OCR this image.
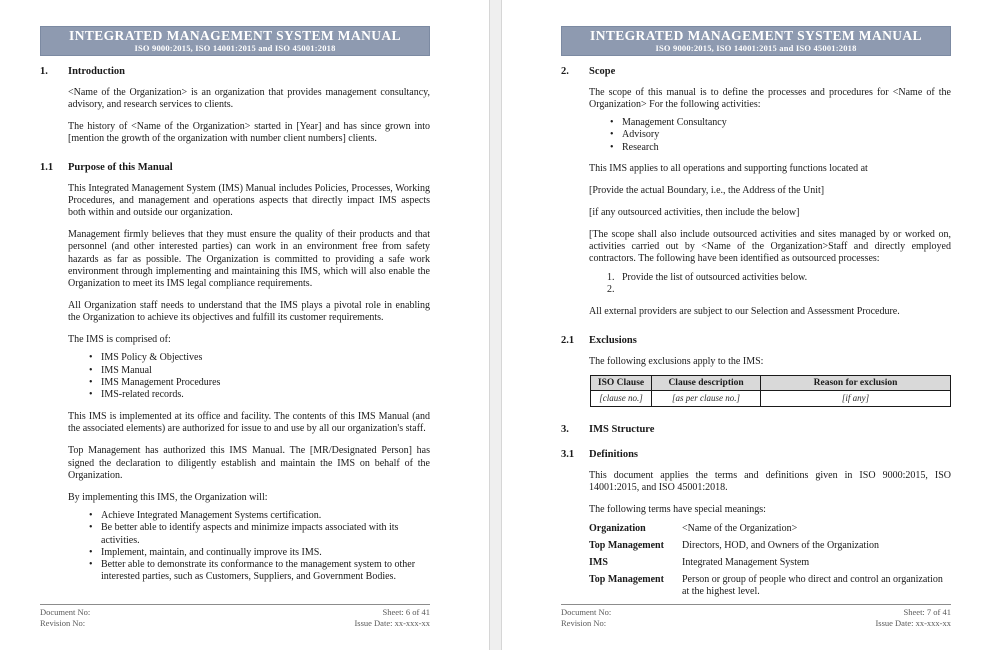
INTEGRATED MANAGEMENT SYSTEM MANUAL
ISO 9000:2015, ISO 14001:2015 and ISO 45001:2018
1.	Introduction
<Name of the Organization> is an organization that provides management consultancy, advisory, and research services to clients.
The history of <Name of the Organization> started in [Year] and has since grown into [mention the growth of the organization with number client numbers] clients.
1.1	Purpose of this Manual
This Integrated Management System (IMS) Manual includes Policies, Processes, Working Procedures, and management and operations aspects that directly impact IMS aspects both within and outside our organization.
Management firmly believes that they must ensure the quality of their products and that personnel (and other interested parties) can work in an environment free from safety hazards as far as possible. The Organization is committed to providing a safe work environment through implementing and maintaining this IMS, which will also enable the Organization to meet its IMS legal compliance requirements.
All Organization staff needs to understand that the IMS plays a pivotal role in enabling the Organization to achieve its objectives and fulfill its customer requirements.
The IMS is comprised of:
• IMS Policy & Objectives
• IMS Manual
• IMS Management Procedures
• IMS-related records.
This IMS is implemented at its office and facility. The contents of this IMS Manual (and the associated elements) are authorized for issue to and use by all our organization's staff.
Top Management has authorized this IMS Manual. The [MR/Designated Person] has signed the declaration to diligently establish and maintain the IMS on behalf of the Organization.
By implementing this IMS, the Organization will:
• Achieve Integrated Management Systems certification.
• Be better able to identify aspects and minimize impacts associated with its activities.
• Implement, maintain, and continually improve its IMS.
• Better able to demonstrate its conformance to the management system to other interested parties, such as Customers, Suppliers, and Government Bodies.
Document No:
Revision No:
Sheet: 6 of 41
Issue Date: xx-xxx-xx
INTEGRATED MANAGEMENT SYSTEM MANUAL
ISO 9000:2015, ISO 14001:2015 and ISO 45001:2018
2.	Scope
The scope of this manual is to define the processes and procedures for <Name of the Organization> For the following activities:
• Management Consultancy
• Advisory
• Research
This IMS applies to all operations and supporting functions located at
[Provide the actual Boundary, i.e., the Address of the Unit]
[if any outsourced activities, then include the below]
[The scope shall also include outsourced activities and sites managed by or worked on, activities carried out by <Name of the Organization>Staff and directly employed contractors. The following have been identified as outsourced processes:
1. Provide the list of outsourced activities below.
2.
All external providers are subject to our Selection and Assessment Procedure.
2.1	Exclusions
The following exclusions apply to the IMS:
ISO Clause	Clause description	Reason for exclusion
[clause no.]	[as per clause no.]	[if any]
3.	IMS Structure
3.1	Definitions
This document applies the terms and definitions given in ISO 9000:2015, ISO 14001:2015, and ISO 45001:2018.
The following terms have special meanings:
Organization	<Name of the Organization>
Top Management	Directors, HOD, and Owners of the Organization
IMS	Integrated Management System
Top Management	Person or group of people who direct and control an organization at the highest level.
Document No:
Revision No:
Sheet: 7 of 41
Issue Date: xx-xxx-xx
